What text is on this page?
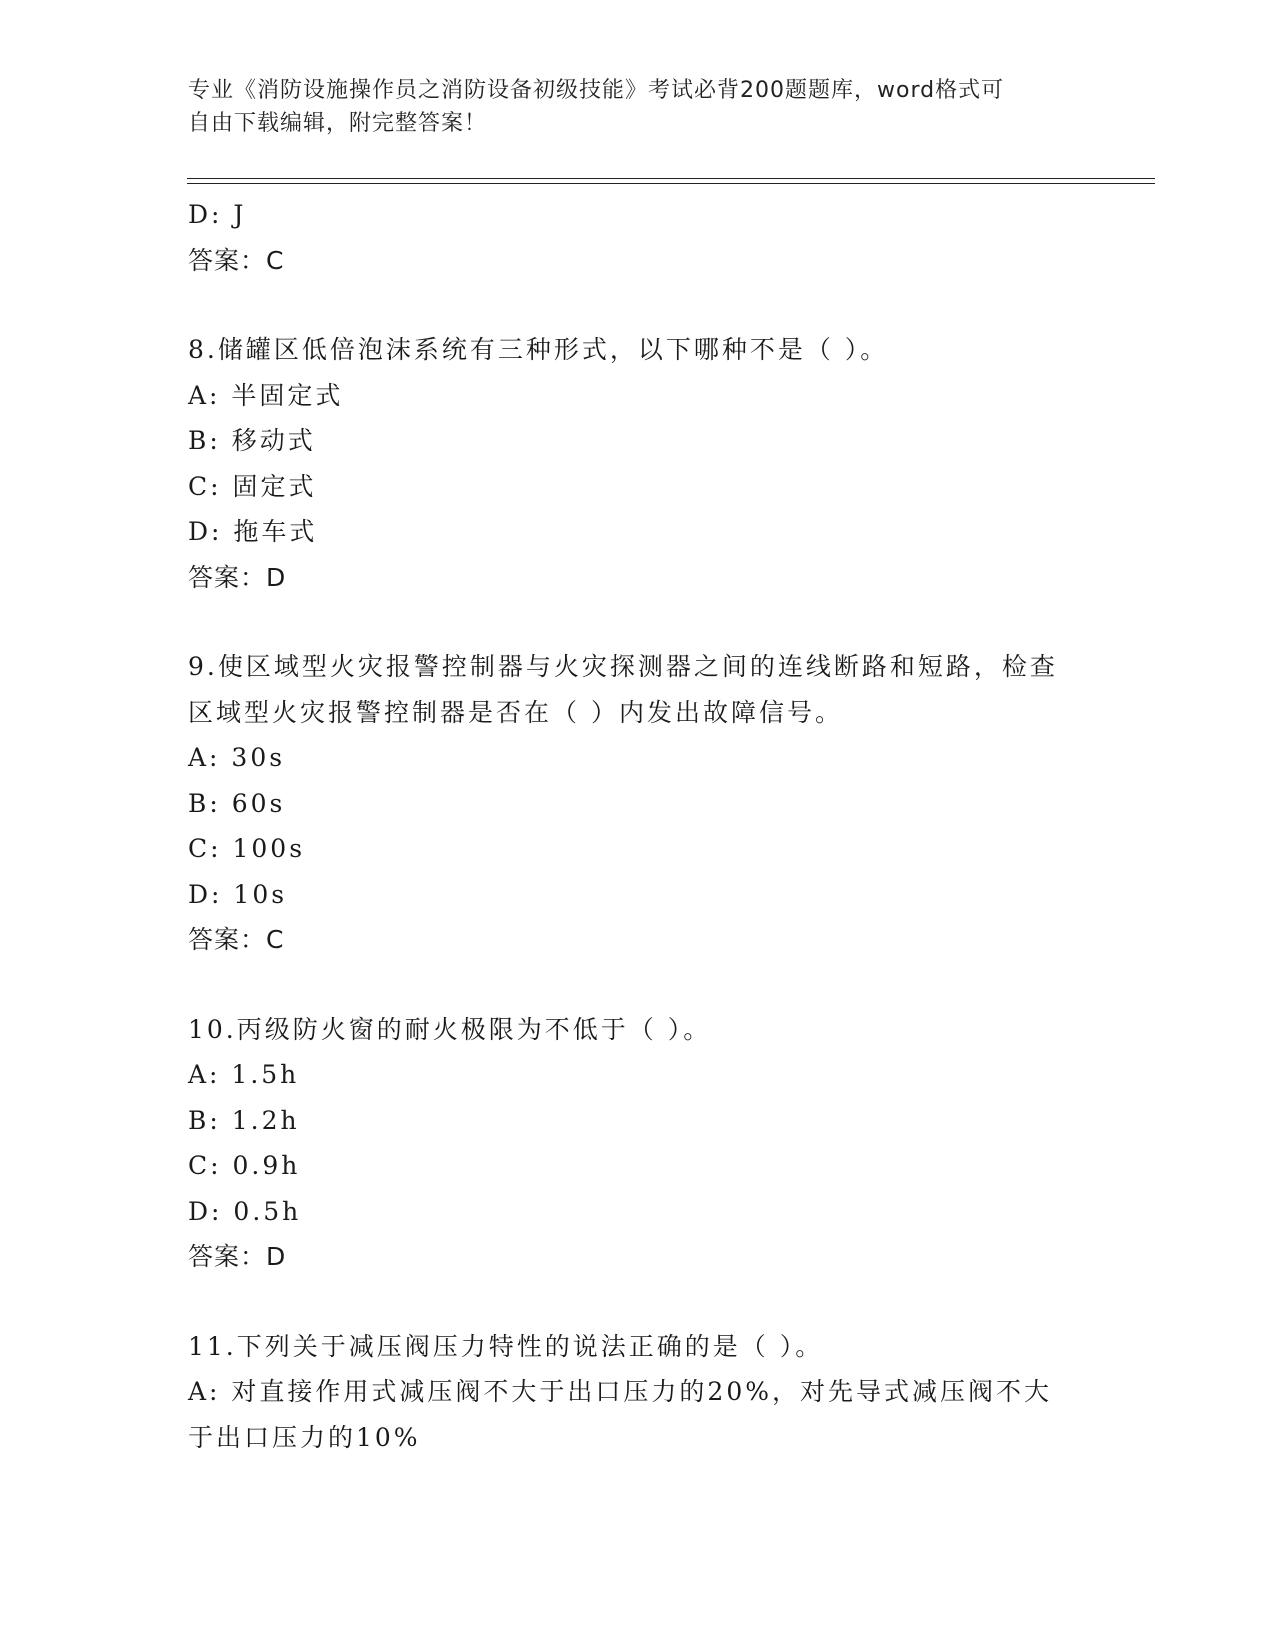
专业《消防设施操作员之消防设备初级技能》考试必背200题题库，word格式可
自由下载编辑，附完整答案！
D: J
答案：C
8.储罐区低倍泡沫系统有三种形式，以下哪种不是（ ）。
A: 半固定式
B: 移动式
C: 固定式
D: 拖车式
答案：D
9.使区域型火灾报警控制器与火灾探测器之间的连线断路和短路，检查区域型火灾报警控制器是否在（ ）内发出故障信号。
A: 30s
B: 60s
C: 100s
D: 10s
答案：C
10.丙级防火窗的耐火极限为不低于（ ）。
A: 1.5h
B: 1.2h
C: 0.9h
D: 0.5h
答案：D
11.下列关于减压阀压力特性的说法正确的是（ ）。
A: 对直接作用式减压阀不大于出口压力的20%，对先导式减压阀不大于出口压力的10%
